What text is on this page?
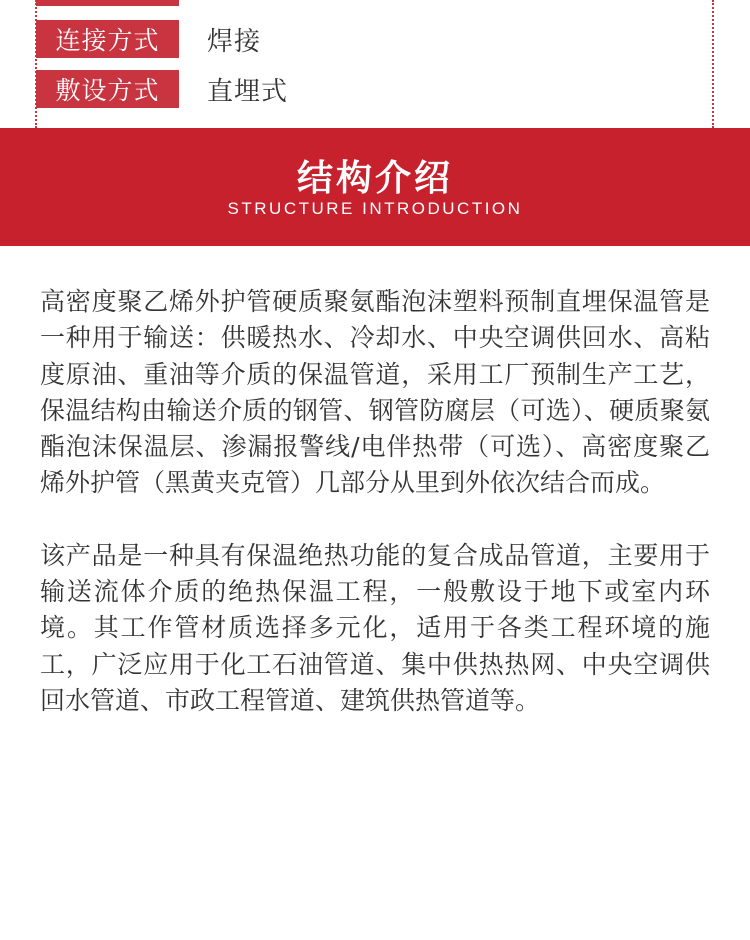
连接方式	焊接
敷设方式	直埋式
结构介绍
STRUCTURE INTRODUCTION

高密度聚乙烯外护管硬质聚氨酯泡沫塑料预制直埋保温管是一种用于输送：供暖热水、冷却水、中央空调供回水、高粘度原油、重油等介质的保温管道，采用工厂预制生产工艺，保温结构由输送介质的钢管、钢管防腐层（可选）、硬质聚氨酯泡沫保温层、渗漏报警线/电伴热带（可选）、高密度聚乙烯外护管（黑黄夹克管）几部分从里到外依次结合而成。

该产品是一种具有保温绝热功能的复合成品管道，主要用于输送流体介质的绝热保温工程，一般敷设于地下或室内环境。其工作管材质选择多元化，适用于各类工程环境的施工，广泛应用于化工石油管道、集中供热热网、中央空调供回水管道、市政工程管道、建筑供热管道等。
